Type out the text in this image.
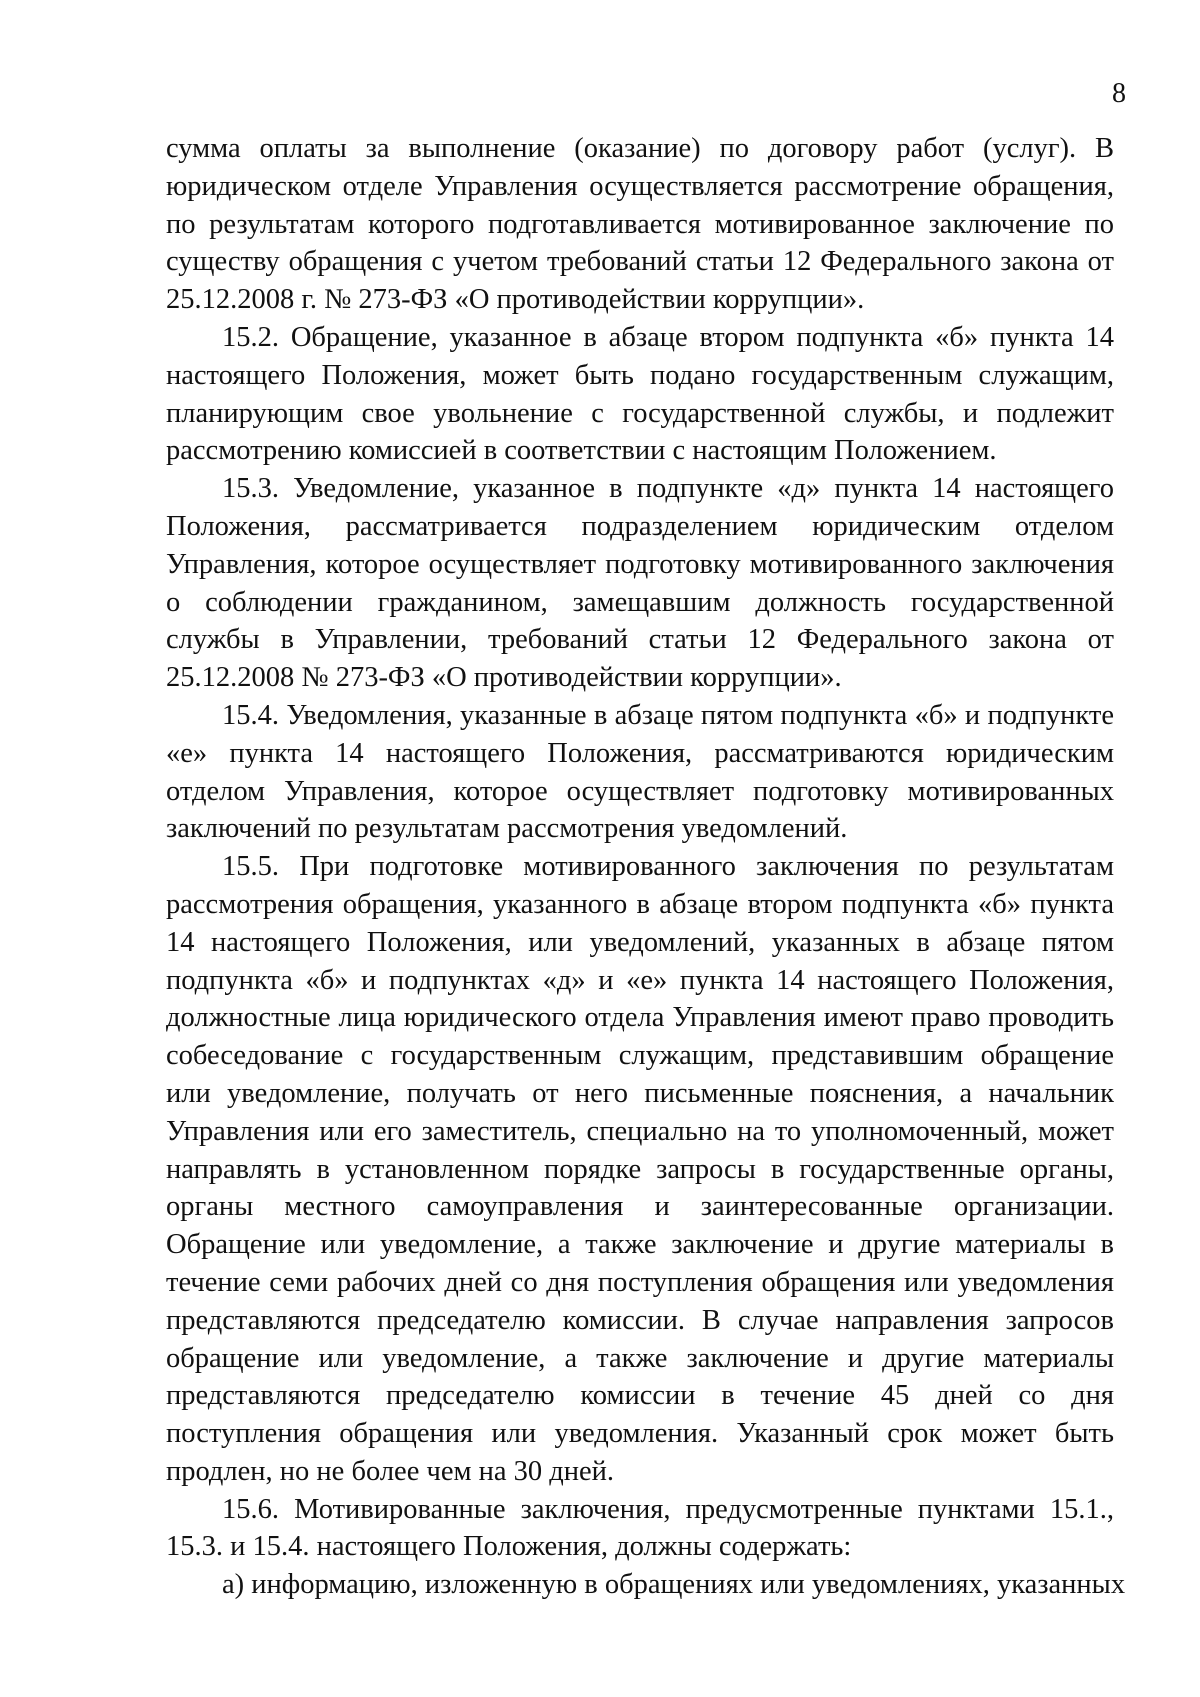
8

сумма оплаты за выполнение (оказание) по договору работ (услуг). В юридическом отделе Управления осуществляется рассмотрение обращения, по результатам которого подготавливается мотивированное заключение по существу обращения с учетом требований статьи 12 Федерального закона от 25.12.2008 г. № 273-ФЗ «О противодействии коррупции».

15.2. Обращение, указанное в абзаце втором подпункта «б» пункта 14 настоящего Положения, может быть подано государственным служащим, планирующим свое увольнение с государственной службы, и подлежит рассмотрению комиссией в соответствии с настоящим Положением.

15.3. Уведомление, указанное в подпункте «д» пункта 14 настоящего Положения, рассматривается подразделением юридическим отделом Управления, которое осуществляет подготовку мотивированного заключения о соблюдении гражданином, замещавшим должность государственной службы в Управлении, требований статьи 12 Федерального закона от 25.12.2008 № 273-ФЗ «О противодействии коррупции».

15.4. Уведомления, указанные в абзаце пятом подпункта «б» и подпункте «е» пункта 14 настоящего Положения, рассматриваются юридическим отделом Управления, которое осуществляет подготовку мотивированных заключений по результатам рассмотрения уведомлений.

15.5. При подготовке мотивированного заключения по результатам рассмотрения обращения, указанного в абзаце втором подпункта «б» пункта 14 настоящего Положения, или уведомлений, указанных в абзаце пятом подпункта «б» и подпунктах «д» и «е» пункта 14 настоящего Положения, должностные лица юридического отдела Управления имеют право проводить собеседование с государственным служащим, представившим обращение или уведомление, получать от него письменные пояснения, а начальник Управления или его заместитель, специально на то уполномоченный, может направлять в установленном порядке запросы в государственные органы, органы местного самоуправления и заинтересованные организации. Обращение или уведомление, а также заключение и другие материалы в течение семи рабочих дней со дня поступления обращения или уведомления представляются председателю комиссии. В случае направления запросов обращение или уведомление, а также заключение и другие материалы представляются председателю комиссии в течение 45 дней со дня поступления обращения или уведомления. Указанный срок может быть продлен, но не более чем на 30 дней.

15.6. Мотивированные заключения, предусмотренные пунктами 15.1., 15.3. и 15.4. настоящего Положения, должны содержать:

а) информацию, изложенную в обращениях или уведомлениях, указанных
